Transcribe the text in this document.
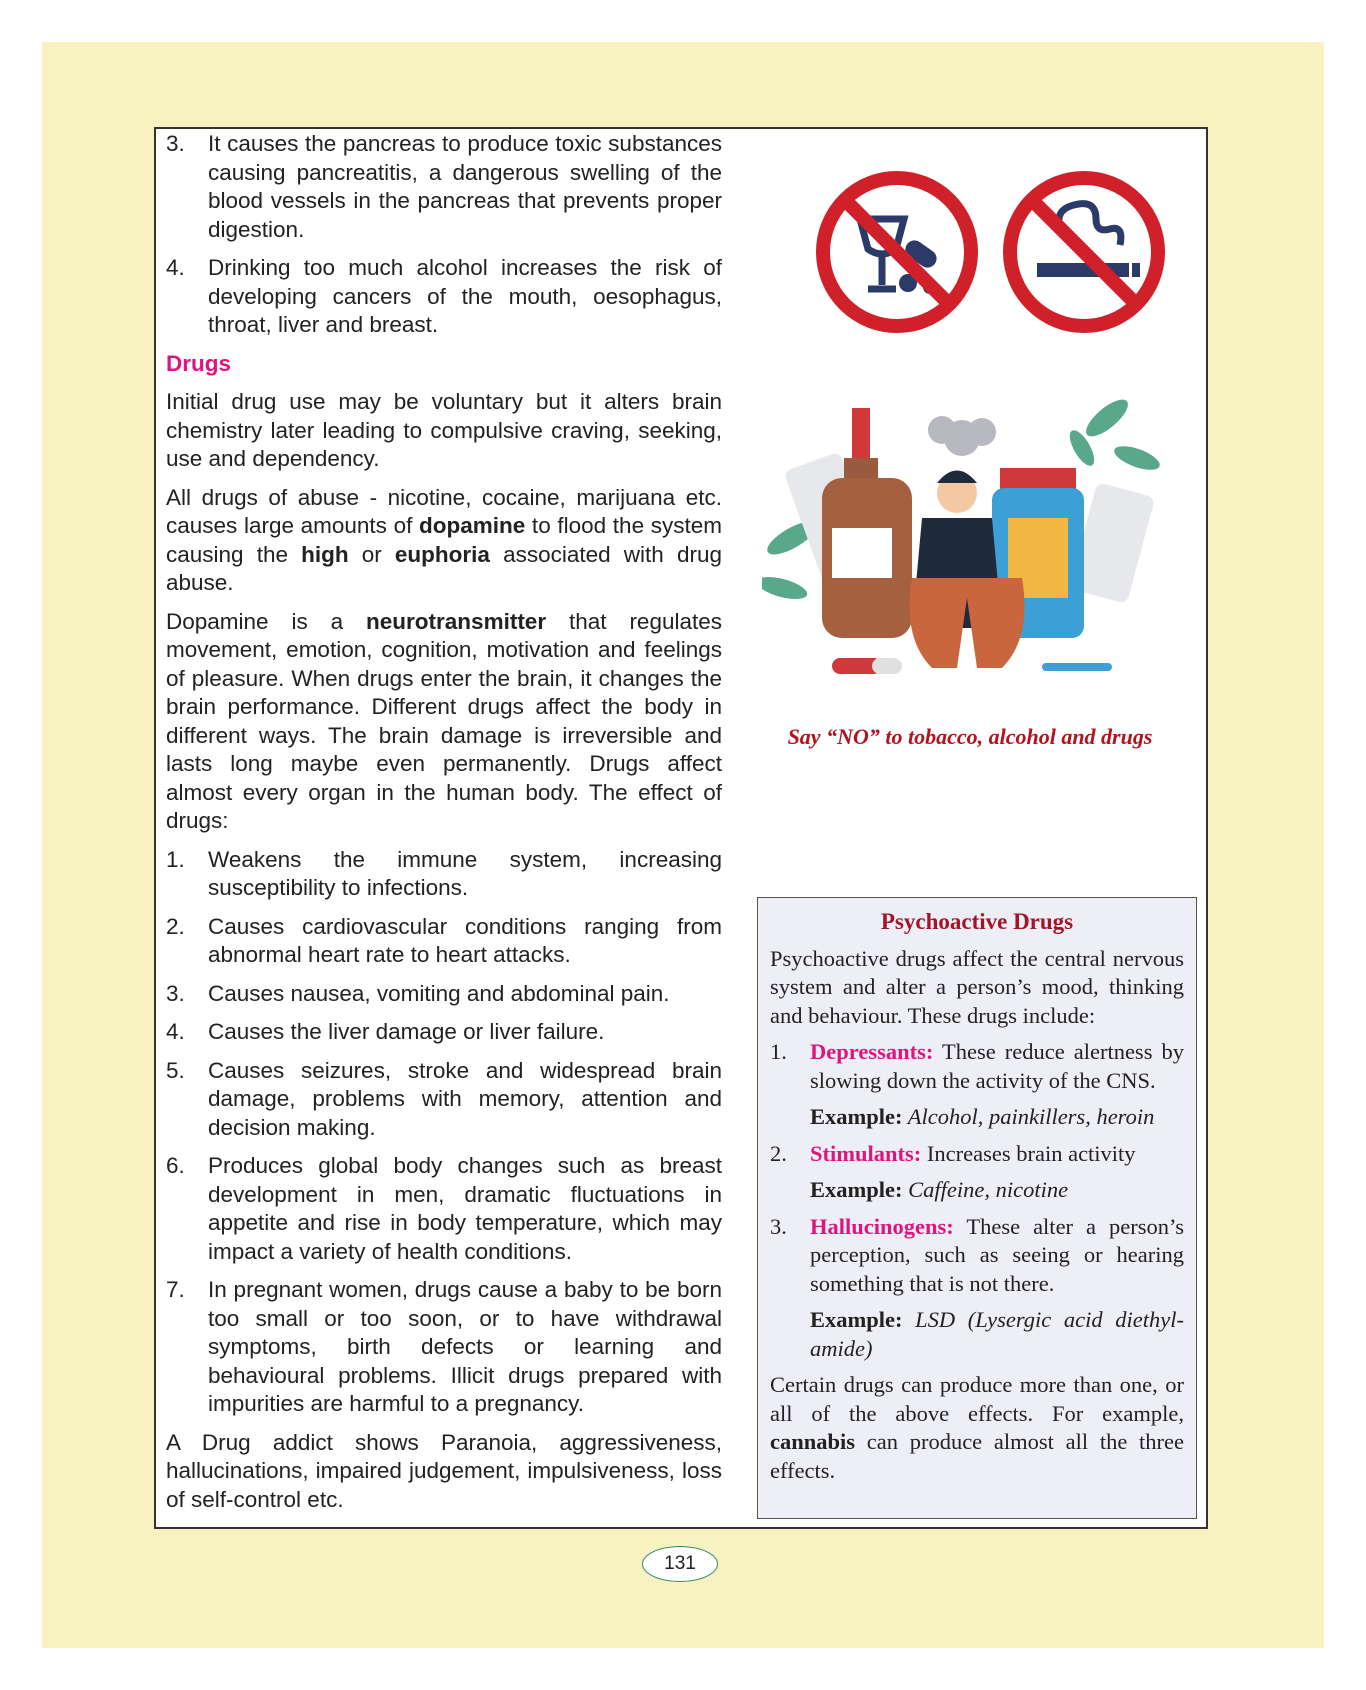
3. It causes the pancreas to produce toxic substances causing pancreatitis, a dangerous swelling of the blood vessels in the pancreas that prevents proper digestion.
4. Drinking too much alcohol increases the risk of developing cancers of the mouth, oesophagus, throat, liver and breast.
Drugs

Initial drug use may be voluntary but it alters brain chemistry later leading to compulsive craving, seeking, use and dependency.

All drugs of abuse - nicotine, cocaine, marijuana etc. causes large amounts of dopamine to flood the system causing the high or euphoria associated with drug abuse.

Dopamine is a neurotransmitter that regulates movement, emotion, cognition, motivation and feelings of pleasure. When drugs enter the brain, it changes the brain performance. Different drugs affect the body in different ways. The brain damage is irreversible and lasts long maybe even permanently. Drugs affect almost every organ in the human body. The effect of drugs:

1. Weakens the immune system, increasing susceptibility to infections.
2. Causes cardiovascular conditions ranging from abnormal heart rate to heart attacks.
3. Causes nausea, vomiting and abdominal pain.
4. Causes the liver damage or liver failure.
5. Causes seizures, stroke and widespread brain damage, problems with memory, attention and decision making.
6. Produces global body changes such as breast development in men, dramatic fluctuations in appetite and rise in body temperature, which may impact a variety of health conditions.
7. In pregnant women, drugs cause a baby to be born too small or too soon, or to have withdrawal symptoms, birth defects or learning and behavioural problems. Illicit drugs prepared with impurities are harmful to a pregnancy.

A Drug addict shows Paranoia, aggressiveness, hallucinations, impaired judgement, impulsiveness, loss of self-control etc.

Say “NO” to tobacco, alcohol and drugs
Psychoactive Drugs

Psychoactive drugs affect the central nervous system and alter a person’s mood, thinking and behaviour. These drugs include:

1. Depressants: These reduce alertness by slowing down the activity of the CNS.
Example: Alcohol, painkillers, heroin
2. Stimulants: Increases brain activity
Example: Caffeine, nicotine
3. Hallucinogens: These alter a person’s perception, such as seeing or hearing something that is not there.
Example: LSD (Lysergic acid diethyl-amide)

Certain drugs can produce more than one, or all of the above effects. For example, cannabis can produce almost all the three effects.

131
